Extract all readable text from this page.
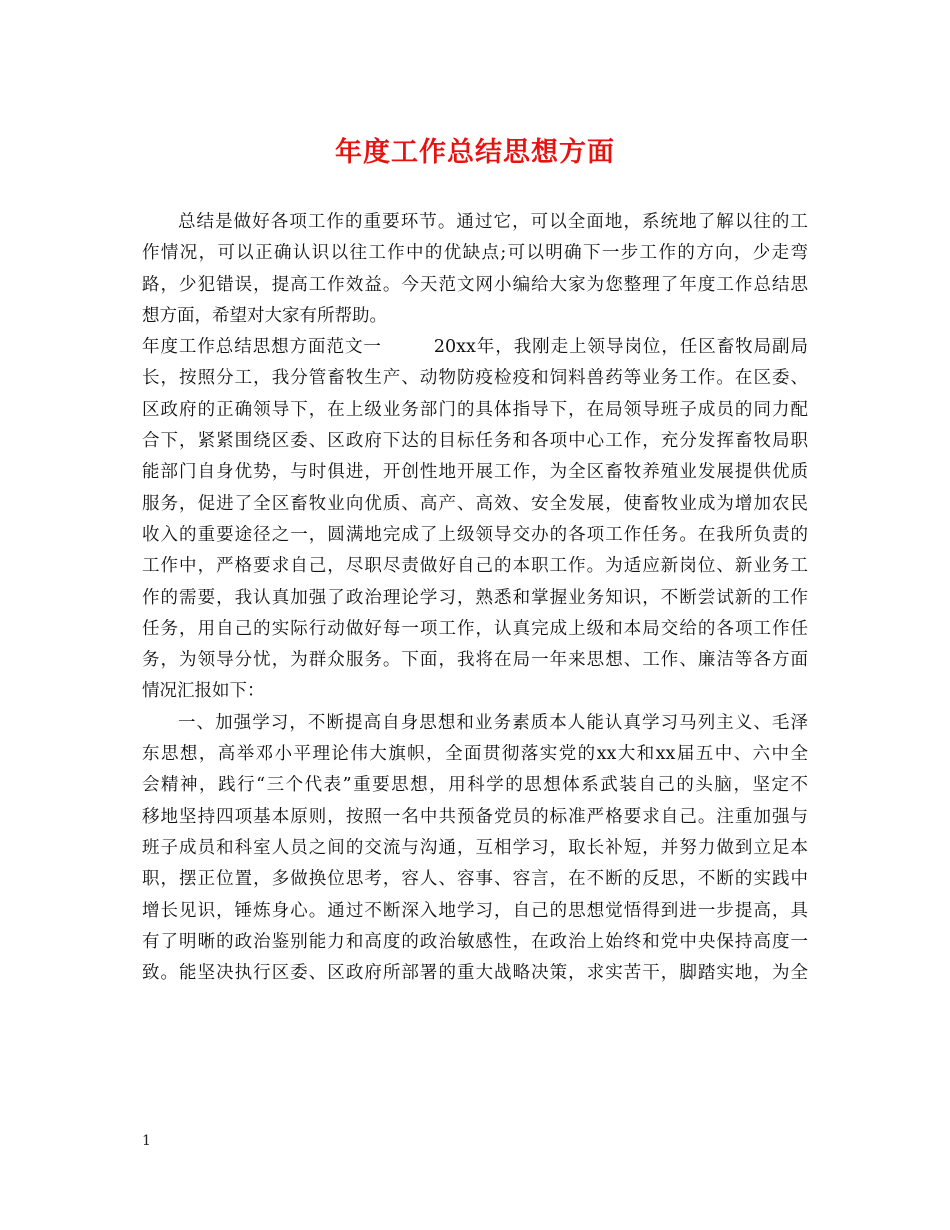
年度工作总结思想方面
总结是做好各项工作的重要环节。通过它，可以全面地，系统地了解以往的工
作情况，可以正确认识以往工作中的优缺点;可以明确下一步工作的方向，少走弯
路，少犯错误，提高工作效益。今天范文网小编给大家为您整理了年度工作总结思
想方面，希望对大家有所帮助。
年度工作总结思想方面范文一	20xx年，我刚走上领导岗位，任区畜牧局副局
长，按照分工，我分管畜牧生产、动物防疫检疫和饲料兽药等业务工作。在区委、
区政府的正确领导下，在上级业务部门的具体指导下，在局领导班子成员的同力配
合下，紧紧围绕区委、区政府下达的目标任务和各项中心工作，充分发挥畜牧局职
能部门自身优势，与时俱进，开创性地开展工作，为全区畜牧养殖业发展提供优质
服务，促进了全区畜牧业向优质、高产、高效、安全发展，使畜牧业成为增加农民
收入的重要途径之一，圆满地完成了上级领导交办的各项工作任务。在我所负责的
工作中，严格要求自己，尽职尽责做好自己的本职工作。为适应新岗位、新业务工
作的需要，我认真加强了政治理论学习，熟悉和掌握业务知识，不断尝试新的工作
任务，用自己的实际行动做好每一项工作，认真完成上级和本局交给的各项工作任
务，为领导分忧，为群众服务。下面，我将在局一年来思想、工作、廉洁等各方面
情况汇报如下：
一、加强学习，不断提高自身思想和业务素质本人能认真学习马列主义、毛泽
东思想，高举邓小平理论伟大旗帜，全面贯彻落实党的xx大和xx届五中、六中全
会精神，践行“三个代表”重要思想，用科学的思想体系武装自己的头脑，坚定不
移地坚持四项基本原则，按照一名中共预备党员的标准严格要求自己。注重加强与
班子成员和科室人员之间的交流与沟通，互相学习，取长补短，并努力做到立足本
职，摆正位置，多做换位思考，容人、容事、容言，在不断的反思，不断的实践中
增长见识，锤炼身心。通过不断深入地学习，自己的思想觉悟得到进一步提高，具
有了明晰的政治鉴别能力和高度的政治敏感性，在政治上始终和党中央保持高度一
致。能坚决执行区委、区政府所部署的重大战略决策，求实苦干，脚踏实地，为全
1
